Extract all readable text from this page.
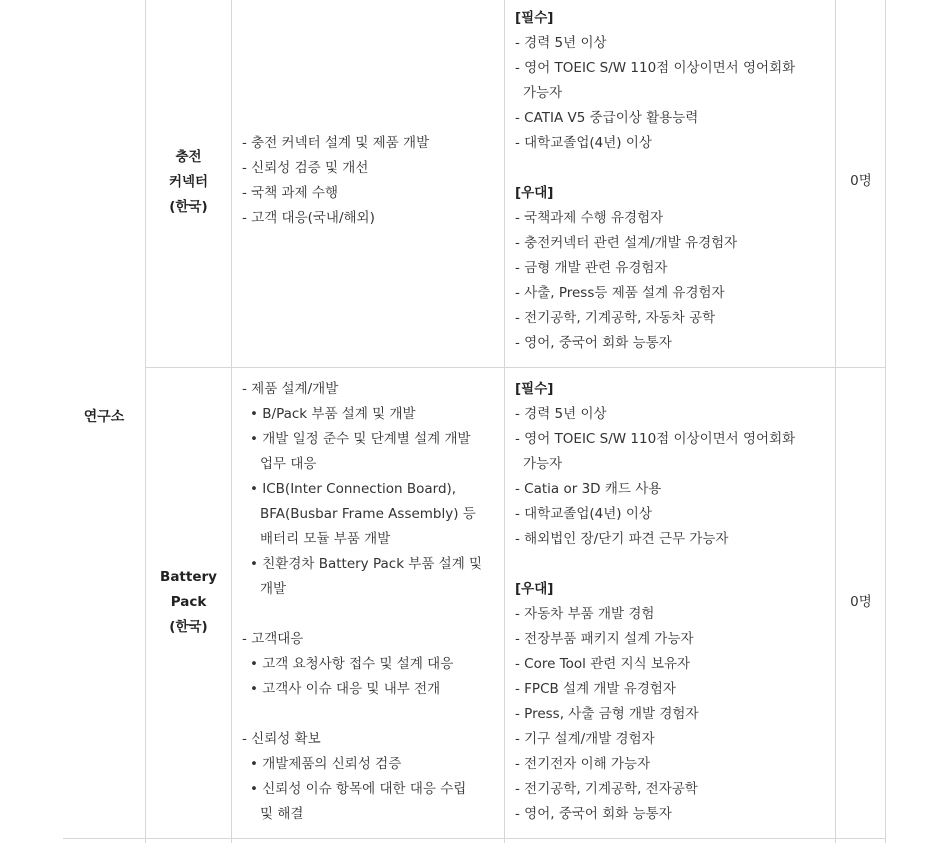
연구소
충전
커넥터
(한국)
- 충전 커넥터 설계 및 제품 개발
- 신뢰성 검증 및 개선
- 국책 과제 수행
- 고객 대응(국내/해외)
[필수]
- 경력 5년 이상
- 영어 TOEIC S/W 110점 이상이면서 영어회화
가능자
- CATIA V5 중급이상 활용능력
- 대학교졸업(4년) 이상
[우대]
- 국책과제 수행 유경험자
- 충전커넥터 관련 설계/개발 유경험자
- 금형 개발 관련 유경험자
- 사출, Press등 제품 설계 유경험자
- 전기공학, 기계공학, 자동차 공학
- 영어, 중국어 회화 능통자
0명
Battery
Pack
(한국)
- 제품 설계/개발
• B/Pack 부품 설계 및 개발
• 개발 일정 준수 및 단계별 설계 개발
업무 대응
• ICB(Inter Connection Board),
BFA(Busbar Frame Assembly) 등
배터리 모듈 부품 개발
• 친환경차 Battery Pack 부품 설계 및
개발
- 고객대응
• 고객 요청사항 접수 및 설계 대응
• 고객사 이슈 대응 및 내부 전개
- 신뢰성 확보
• 개발제품의 신뢰성 검증
• 신뢰성 이슈 항목에 대한 대응 수립
및 해결
[필수]
- 경력 5년 이상
- 영어 TOEIC S/W 110점 이상이면서 영어회화
가능자
- Catia or 3D 캐드 사용
- 대학교졸업(4년) 이상
- 해외법인 장/단기 파견 근무 가능자
[우대]
- 자동차 부품 개발 경험
- 전장부품 패키지 설계 가능자
- Core Tool 관련 지식 보유자
- FPCB 설계 개발 유경험자
- Press, 사출 금형 개발 경험자
- 기구 설계/개발 경험자
- 전기전자 이해 가능자
- 전기공학, 기계공학, 전자공학
- 영어, 중국어 회화 능통자
0명
